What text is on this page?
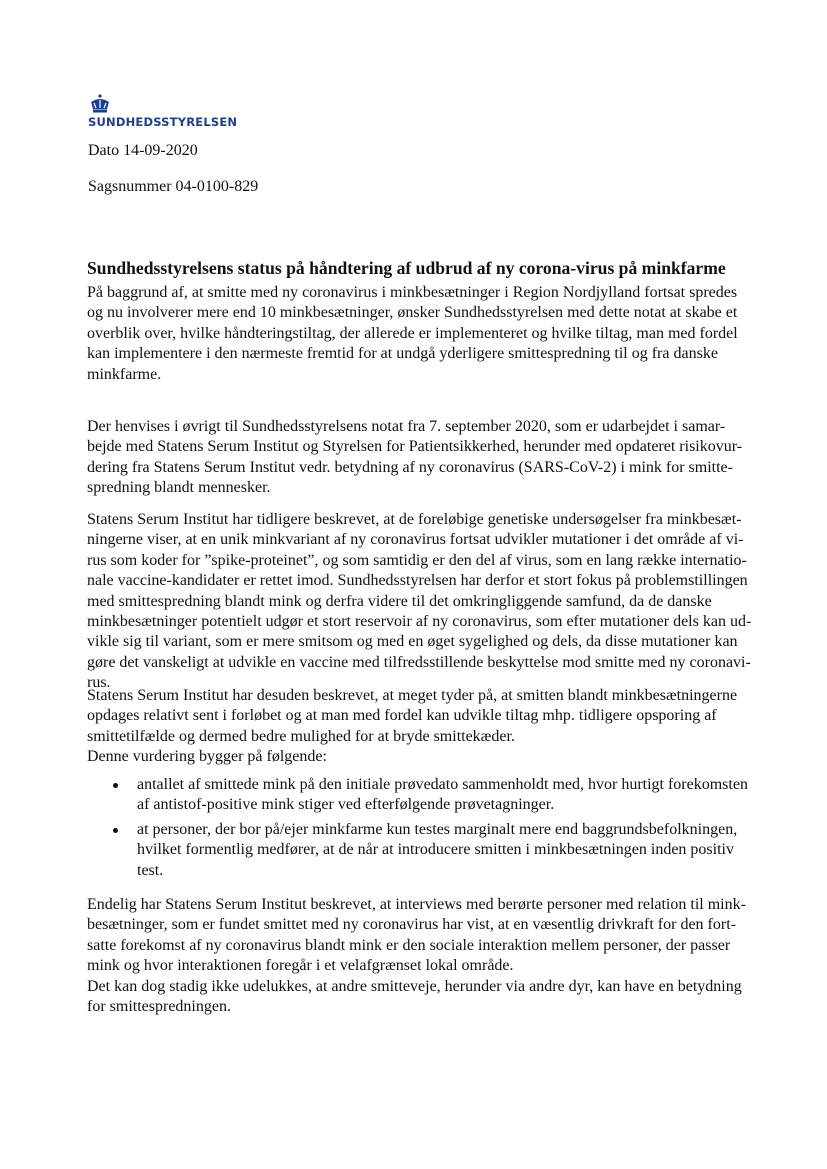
SUNDHEDSSTYRELSEN
Dato 14-09-2020
Sagsnummer 04-0100-829
Sundhedsstyrelsens status på håndtering af udbrud af ny corona-virus på minkfarme
På baggrund af, at smitte med ny coronavirus i minkbesætninger i Region Nordjylland fortsat spredes
og nu involverer mere end 10 minkbesætninger, ønsker Sundhedsstyrelsen med dette notat at skabe et
overblik over, hvilke håndteringstiltag, der allerede er implementeret og hvilke tiltag, man med fordel
kan implementere i den nærmeste fremtid for at undgå yderligere smittespredning til og fra danske
minkfarme.
Der henvises i øvrigt til Sundhedsstyrelsens notat fra 7. september 2020, som er udarbejdet i samar-
bejde med Statens Serum Institut og Styrelsen for Patientsikkerhed, herunder med opdateret risikovur-
dering fra Statens Serum Institut vedr. betydning af ny coronavirus (SARS-CoV-2) i mink for smitte-
spredning blandt mennesker.
Statens Serum Institut har tidligere beskrevet, at de foreløbige genetiske undersøgelser fra minkbesæt-
ningerne viser, at en unik minkvariant af ny coronavirus fortsat udvikler mutationer i det område af vi-
rus som koder for ”spike-proteinet”, og som samtidig er den del af virus, som en lang række internatio-
nale vaccine-kandidater er rettet imod. Sundhedsstyrelsen har derfor et stort fokus på problemstillingen
med smittespredning blandt mink og derfra videre til det omkringliggende samfund, da de danske
minkbesætninger potentielt udgør et stort reservoir af ny coronavirus, som efter mutationer dels kan ud-
vikle sig til variant, som er mere smitsom og med en øget sygelighed og dels, da disse mutationer kan
gøre det vanskeligt at udvikle en vaccine med tilfredsstillende beskyttelse mod smitte med ny coronavi-
rus.
Statens Serum Institut har desuden beskrevet, at meget tyder på, at smitten blandt minkbesætningerne
opdages relativt sent i forløbet og at man med fordel kan udvikle tiltag mhp. tidligere opsporing af
smittetilfælde og dermed bedre mulighed for at bryde smittekæder.
Denne vurdering bygger på følgende:
antallet af smittede mink på den initiale prøvedato sammenholdt med, hvor hurtigt forekomsten
af antistof-positive mink stiger ved efterfølgende prøvetagninger.
at personer, der bor på/ejer minkfarme kun testes marginalt mere end baggrundsbefolkningen,
hvilket formentlig medfører, at de når at introducere smitten i minkbesætningen inden positiv
test.
Endelig har Statens Serum Institut beskrevet, at interviews med berørte personer med relation til mink-
besætninger, som er fundet smittet med ny coronavirus har vist, at en væsentlig drivkraft for den fort-
satte forekomst af ny coronavirus blandt mink er den sociale interaktion mellem personer, der passer
mink og hvor interaktionen foregår i et velafgrænset lokal område.
Det kan dog stadig ikke udelukkes, at andre smitteveje, herunder via andre dyr, kan have en betydning
for smittespredningen.
